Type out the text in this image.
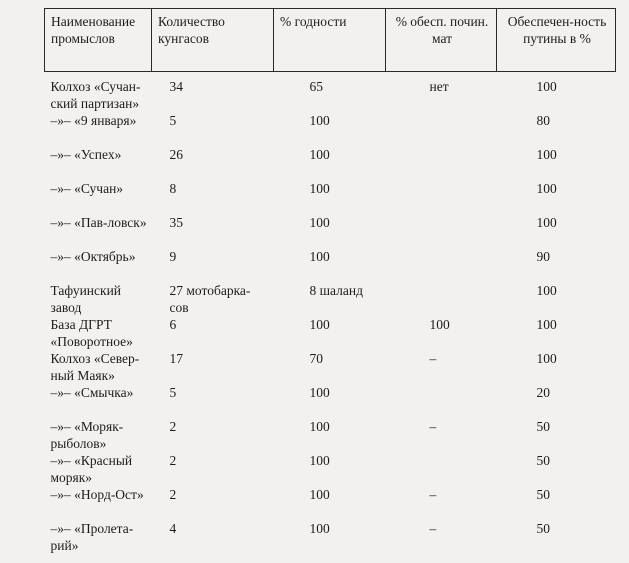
Наименование промыслов	Количество кунгасов	% годности	% обесп. почин. мат	Обеспечен-ность путины в %
Колхоз «Сучан-ский партизан»	34	65	нет	100
–»– «9 января»	5	100		80
–»– «Успех»	26	100		100
–»– «Сучан»	8	100		100
–»– «Пав-ловск»	35	100		100
–»– «Октябрь»	9	100		90
Тафуинский завод	27 мотобарка-сов	8 шаланд		100
База ДГРТ «Поворотное»	6	100	100	100
Колхоз «Север-ный Маяк»	17	70	–	100
–»– «Смычка»	5	100		20
–»– «Моряк-рыболов»	2	100	–	50
–»– «Красный моряк»	2	100		50
–»– «Норд-Ост»	2	100	–	50
–»– «Пролета-рий»	4	100	–	50
